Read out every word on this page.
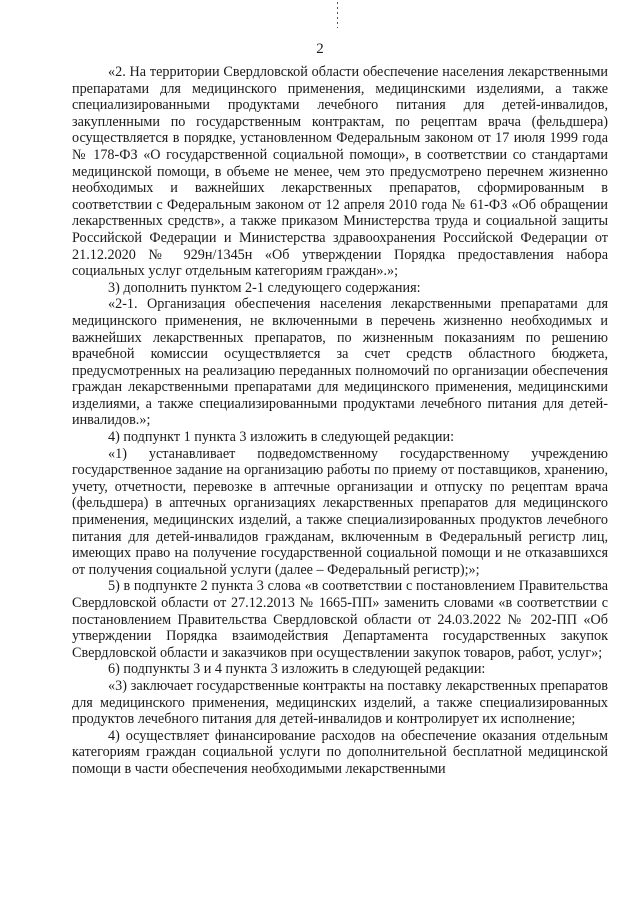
2

«2. На территории Свердловской области обеспечение населения лекарственными препаратами для медицинского применения, медицинскими изделиями, а также специализированными продуктами лечебного питания для детей-инвалидов, закупленными по государственным контрактам, по рецептам врача (фельдшера) осуществляется в порядке, установленном Федеральным законом от 17 июля 1999 года № 178-ФЗ «О государственной социальной помощи», в соответствии со стандартами медицинской помощи, в объеме не менее, чем это предусмотрено перечнем жизненно необходимых и важнейших лекарственных препаратов, сформированным в соответствии с Федеральным законом от 12 апреля 2010 года № 61-ФЗ «Об обращении лекарственных средств», а также приказом Министерства труда и социальной защиты Российской Федерации и Министерства здравоохранения Российской Федерации от 21.12.2020 № 929н/1345н «Об утверждении Порядка предоставления набора социальных услуг отдельным категориям граждан».»;

3) дополнить пунктом 2-1 следующего содержания:

«2-1. Организация обеспечения населения лекарственными препаратами для медицинского применения, не включенными в перечень жизненно необходимых и важнейших лекарственных препаратов, по жизненным показаниям по решению врачебной комиссии осуществляется за счет средств областного бюджета, предусмотренных на реализацию переданных полномочий по организации обеспечения граждан лекарственными препаратами для медицинского применения, медицинскими изделиями, а также специализированными продуктами лечебного питания для детей-инвалидов.»;

4) подпункт 1 пункта 3 изложить в следующей редакции:

«1) устанавливает подведомственному государственному учреждению государственное задание на организацию работы по приему от поставщиков, хранению, учету, отчетности, перевозке в аптечные организации и отпуску по рецептам врача (фельдшера) в аптечных организациях лекарственных препаратов для медицинского применения, медицинских изделий, а также специализированных продуктов лечебного питания для детей-инвалидов гражданам, включенным в Федеральный регистр лиц, имеющих право на получение государственной социальной помощи и не отказавшихся от получения социальной услуги (далее – Федеральный регистр);»;

5) в подпункте 2 пункта 3 слова «в соответствии с постановлением Правительства Свердловской области от 27.12.2013 № 1665-ПП» заменить словами «в соответствии с постановлением Правительства Свердловской области от 24.03.2022 № 202-ПП «Об утверждении Порядка взаимодействия Департамента государственных закупок Свердловской области и заказчиков при осуществлении закупок товаров, работ, услуг»;

6) подпункты 3 и 4 пункта 3 изложить в следующей редакции:

«3) заключает государственные контракты на поставку лекарственных препаратов для медицинского применения, медицинских изделий, а также специализированных продуктов лечебного питания для детей-инвалидов и контролирует их исполнение;

4) осуществляет финансирование расходов на обеспечение оказания отдельным категориям граждан социальной услуги по дополнительной бесплатной медицинской помощи в части обеспечения необходимыми лекарственными
